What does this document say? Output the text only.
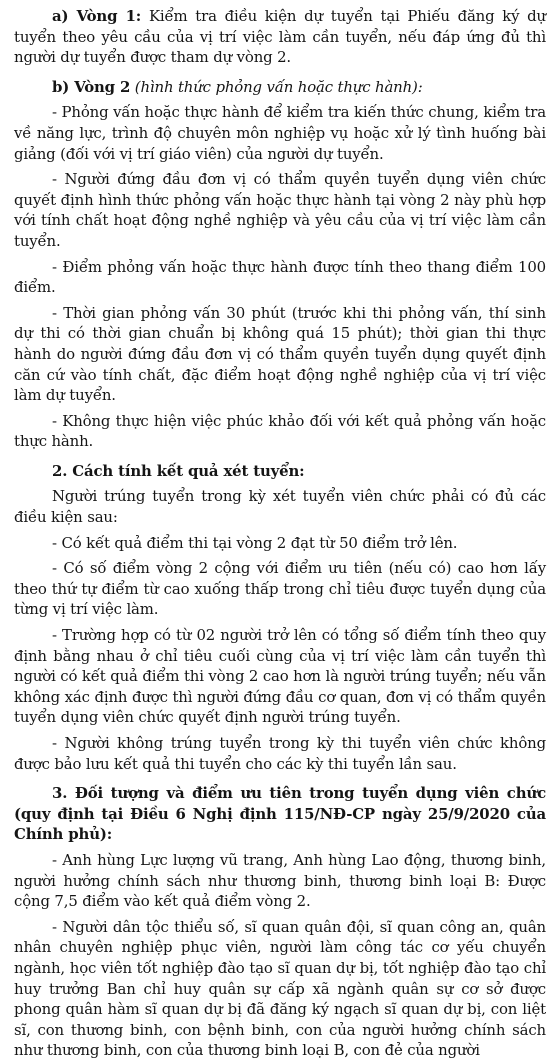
a) Vòng 1: Kiểm tra điều kiện dự tuyển tại Phiếu đăng ký dự tuyển theo yêu cầu của vị trí việc làm cần tuyển, nếu đáp ứng đủ thì người dự tuyển được tham dự vòng 2.

b) Vòng 2 (hình thức phỏng vấn hoặc thực hành):

- Phỏng vấn hoặc thực hành để kiểm tra kiến thức chung, kiểm tra về năng lực, trình độ chuyên môn nghiệp vụ hoặc xử lý tình huống bài giảng (đối với vị trí giáo viên) của người dự tuyển.

- Người đứng đầu đơn vị có thẩm quyền tuyển dụng viên chức quyết định hình thức phỏng vấn hoặc thực hành tại vòng 2 này phù hợp với tính chất hoạt động nghề nghiệp và yêu cầu của vị trí việc làm cần tuyển.

- Điểm phỏng vấn hoặc thực hành được tính theo thang điểm 100 điểm.

- Thời gian phỏng vấn 30 phút (trước khi thi phỏng vấn, thí sinh dự thi có thời gian chuẩn bị không quá 15 phút); thời gian thi thực hành do người đứng đầu đơn vị có thẩm quyền tuyển dụng quyết định căn cứ vào tính chất, đặc điểm hoạt động nghề nghiệp của vị trí việc làm dự tuyển.

- Không thực hiện việc phúc khảo đối với kết quả phỏng vấn hoặc thực hành.

2. Cách tính kết quả xét tuyển:

Người trúng tuyển trong kỳ xét tuyển viên chức phải có đủ các điều kiện sau:

- Có kết quả điểm thi tại vòng 2 đạt từ 50 điểm trở lên.

- Có số điểm vòng 2 cộng với điểm ưu tiên (nếu có) cao hơn lấy theo thứ tự điểm từ cao xuống thấp trong chỉ tiêu được tuyển dụng của từng vị trí việc làm.

- Trường hợp có từ 02 người trở lên có tổng số điểm tính theo quy định bằng nhau ở chỉ tiêu cuối cùng của vị trí việc làm cần tuyển thì người có kết quả điểm thi vòng 2 cao hơn là người trúng tuyển; nếu vẫn không xác định được thì người đứng đầu cơ quan, đơn vị có thẩm quyền tuyển dụng viên chức quyết định người trúng tuyển.

- Người không trúng tuyển trong kỳ thi tuyển viên chức không được bảo lưu kết quả thi tuyển cho các kỳ thi tuyển lần sau.

3. Đối tượng và điểm ưu tiên trong tuyển dụng viên chức (quy định tại Điều 6 Nghị định 115/NĐ-CP ngày 25/9/2020 của Chính phủ):

- Anh hùng Lực lượng vũ trang, Anh hùng Lao động, thương binh, người hưởng chính sách như thương binh, thương binh loại B: Được cộng 7,5 điểm vào kết quả điểm vòng 2.

- Người dân tộc thiểu số, sĩ quan quân đội, sĩ quan công an, quân nhân chuyên nghiệp phục viên, người làm công tác cơ yếu chuyển ngành, học viên tốt nghiệp đào tạo sĩ quan dự bị, tốt nghiệp đào tạo chỉ huy trưởng Ban chỉ huy quân sự cấp xã ngành quân sự cơ sở được phong quân hàm sĩ quan dự bị đã đăng ký ngạch sĩ quan dự bị, con liệt sĩ, con thương binh, con bệnh binh, con của người hưởng chính sách như thương binh, con của thương binh loại B, con đẻ của người
